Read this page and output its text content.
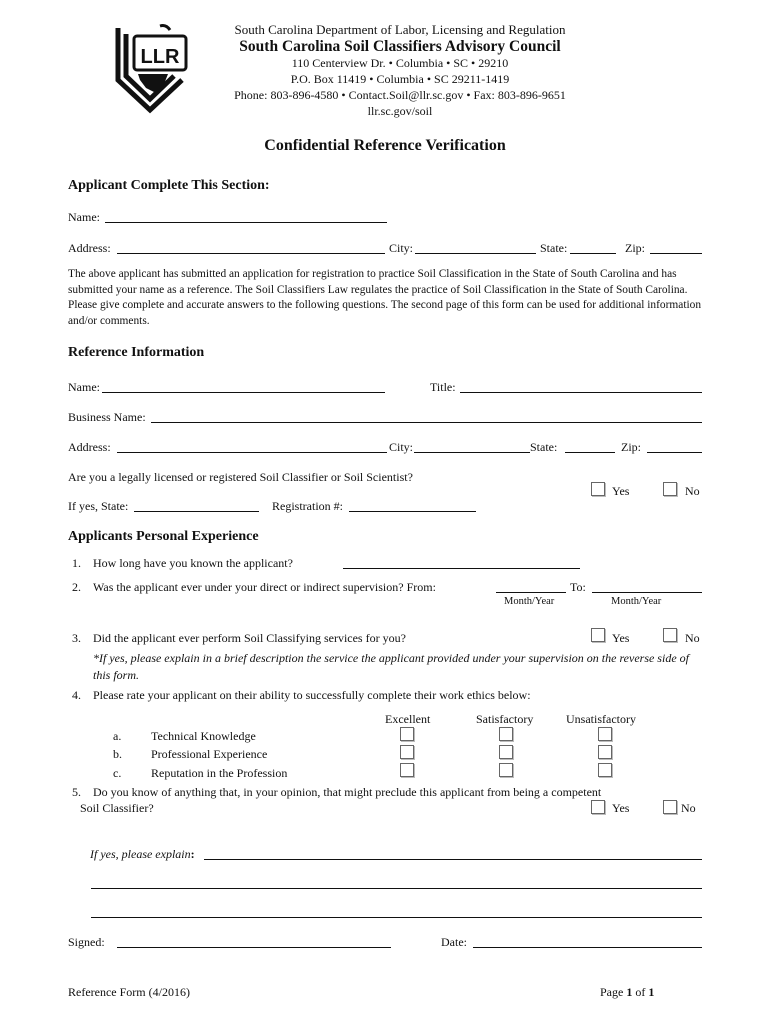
LLR
South Carolina Department of Labor, Licensing and Regulation
South Carolina Soil Classifiers Advisory Council
110 Centerview Dr. • Columbia • SC • 29210
P.O. Box 11419 • Columbia • SC 29211-1419
Phone: 803-896-4580 • Contact.Soil@llr.sc.gov • Fax: 803-896-9651
llr.sc.gov/soil
Confidential Reference Verification
Applicant Complete This Section:
Name:
Address:	City:	State:	Zip:
The above applicant has submitted an application for registration to practice Soil Classification in the State of South Carolina and has submitted your name as a reference. The Soil Classifiers Law regulates the practice of Soil Classification in the State of South Carolina. Please give complete and accurate answers to the following questions. The second page of this form can be used for additional information and/or comments.
Reference Information
Name:	Title:
Business Name:
Address:	City:	State:	Zip:
Are you a legally licensed or registered Soil Classifier or Soil Scientist?
Yes	No
If yes, State:	Registration #:
Applicants Personal Experience
1. How long have you known the applicant?
2. Was the applicant ever under your direct or indirect supervision? From:	To:
Month/Year	Month/Year
3. Did the applicant ever perform Soil Classifying services for you?	Yes	No
*If yes, please explain in a brief description the service the applicant provided under your supervision on the reverse side of this form.
4. Please rate your applicant on their ability to successfully complete their work ethics below:
Excellent	Satisfactory	Unsatisfactory
a. Technical Knowledge
b. Professional Experience
c. Reputation in the Profession
5. Do you know of anything that, in your opinion, that might preclude this applicant from being a competent
Soil Classifier?	Yes	No
If yes, please explain:
Signed:	Date:
Reference Form (4/2016)	Page 1 of 1
